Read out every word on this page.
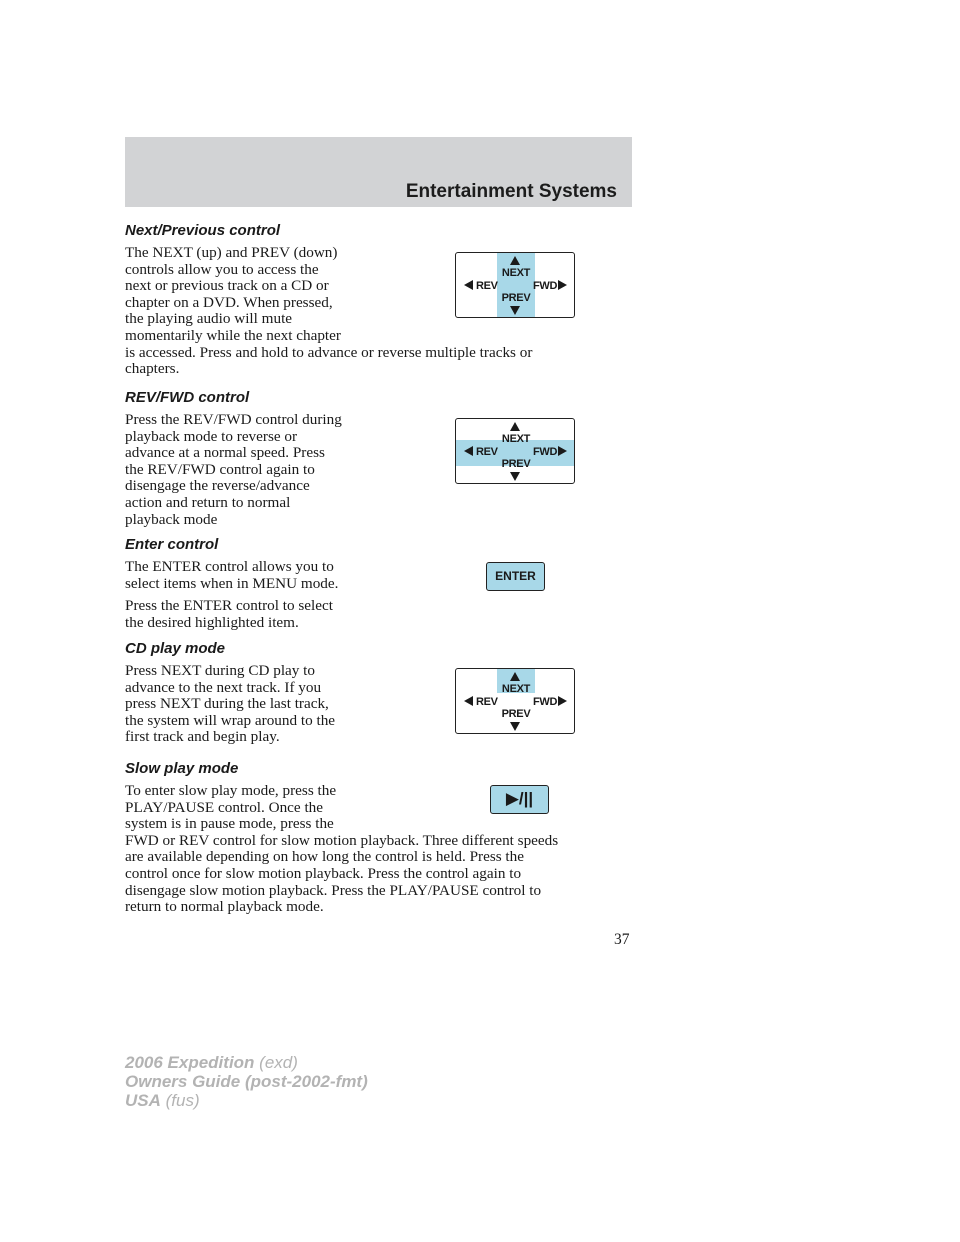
Entertainment Systems
Next/Previous control
The NEXT (up) and PREV (down)
controls allow you to access the
next or previous track on a CD or
chapter on a DVD. When pressed,
the playing audio will mute
momentarily while the next chapter
is accessed. Press and hold to advance or reverse multiple tracks or
chapters.
NEXT
PREV
REV	FWD
REV/FWD control
Press the REV/FWD control during
playback mode to reverse or
advance at a normal speed. Press
the REV/FWD control again to
disengage the reverse/advance
action and return to normal
playback mode
NEXT
PREV
REV	FWD
Enter control
The ENTER control allows you to
select items when in MENU mode.
Press the ENTER control to select
the desired highlighted item.
ENTER
CD play mode
Press NEXT during CD play to
advance to the next track. If you
press NEXT during the last track,
the system will wrap around to the
first track and begin play.
NEXT
PREV
REV	FWD
Slow play mode
To enter slow play mode, press the
PLAY/PAUSE control. Once the
system is in pause mode, press the
FWD or REV control for slow motion playback. Three different speeds
are available depending on how long the control is held. Press the
control once for slow motion playback. Press the control again to
disengage slow motion playback. Press the PLAY/PAUSE control to
return to normal playback mode.
▶/||
37
2006 Expedition (exd)
Owners Guide (post-2002-fmt)
USA (fus)
